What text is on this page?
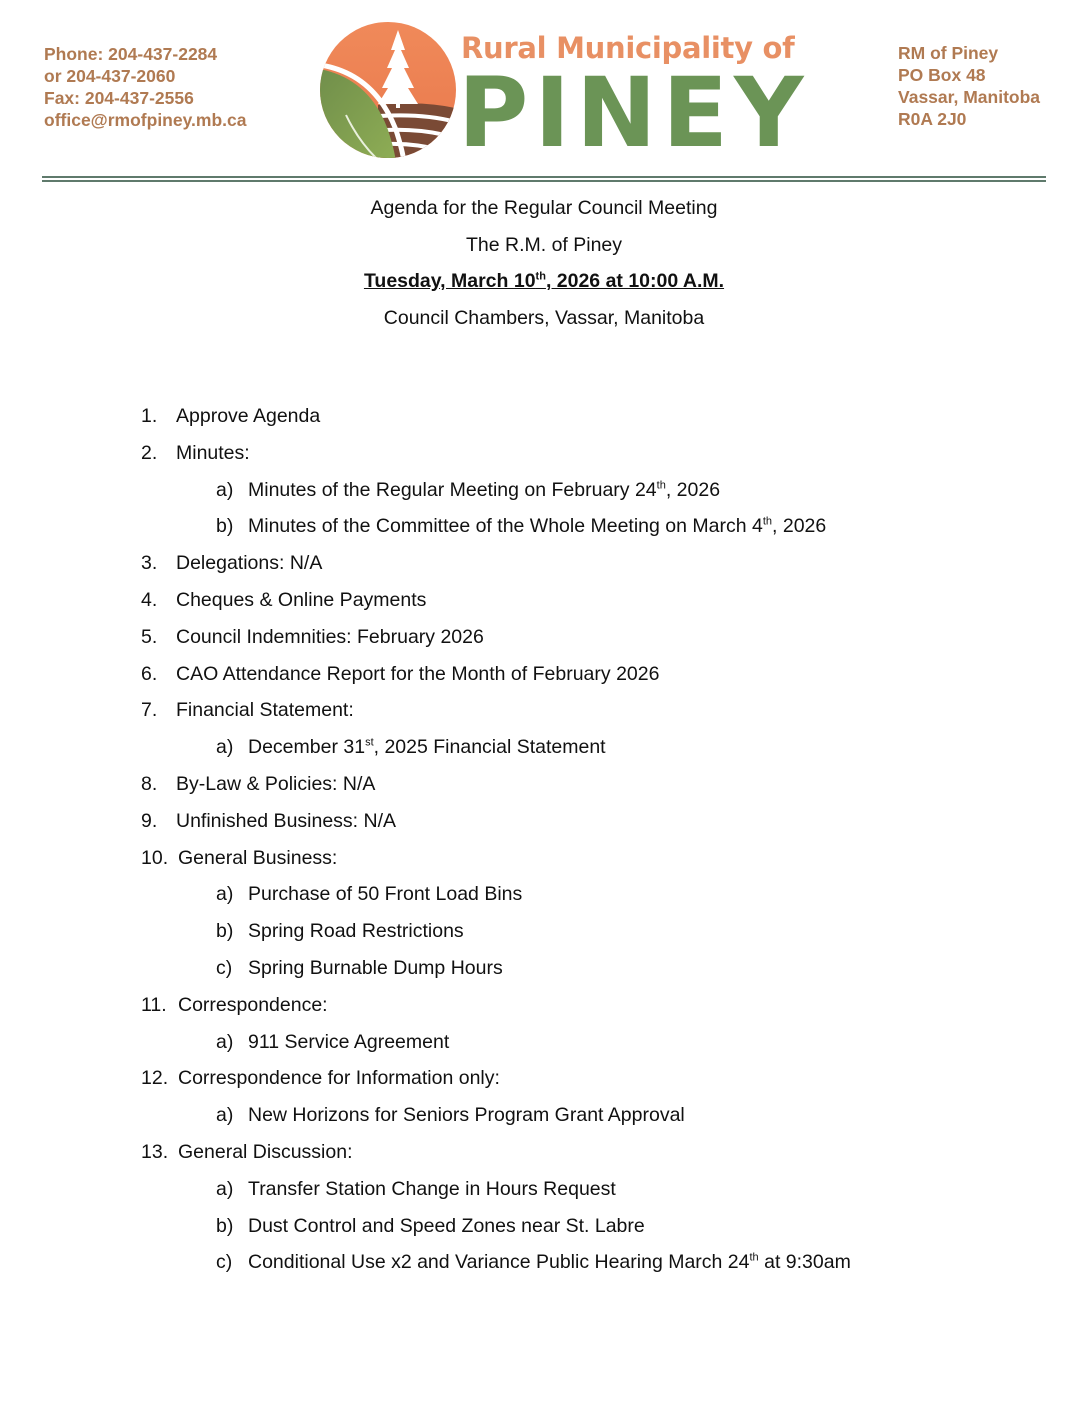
Phone: 204-437-2284
or 204-437-2060
Fax: 204-437-2556
office@rmofpiney.mb.ca
Rural Municipality of
PINEY
RM of Piney
PO Box 48
Vassar, Manitoba
R0A 2J0
Agenda for the Regular Council Meeting
The R.M. of Piney
Tuesday, March 10th, 2026 at 10:00 A.M.
Council Chambers, Vassar, Manitoba
1. Approve Agenda
2. Minutes:
a) Minutes of the Regular Meeting on February 24th, 2026
b) Minutes of the Committee of the Whole Meeting on March 4th, 2026
3. Delegations: N/A
4. Cheques & Online Payments
5. Council Indemnities: February 2026
6. CAO Attendance Report for the Month of February 2026
7. Financial Statement:
a) December 31st, 2025 Financial Statement
8. By-Law & Policies: N/A
9. Unfinished Business: N/A
10. General Business:
a) Purchase of 50 Front Load Bins
b) Spring Road Restrictions
c) Spring Burnable Dump Hours
11. Correspondence:
a) 911 Service Agreement
12. Correspondence for Information only:
a) New Horizons for Seniors Program Grant Approval
13. General Discussion:
a) Transfer Station Change in Hours Request
b) Dust Control and Speed Zones near St. Labre
c) Conditional Use x2 and Variance Public Hearing March 24th at 9:30am
